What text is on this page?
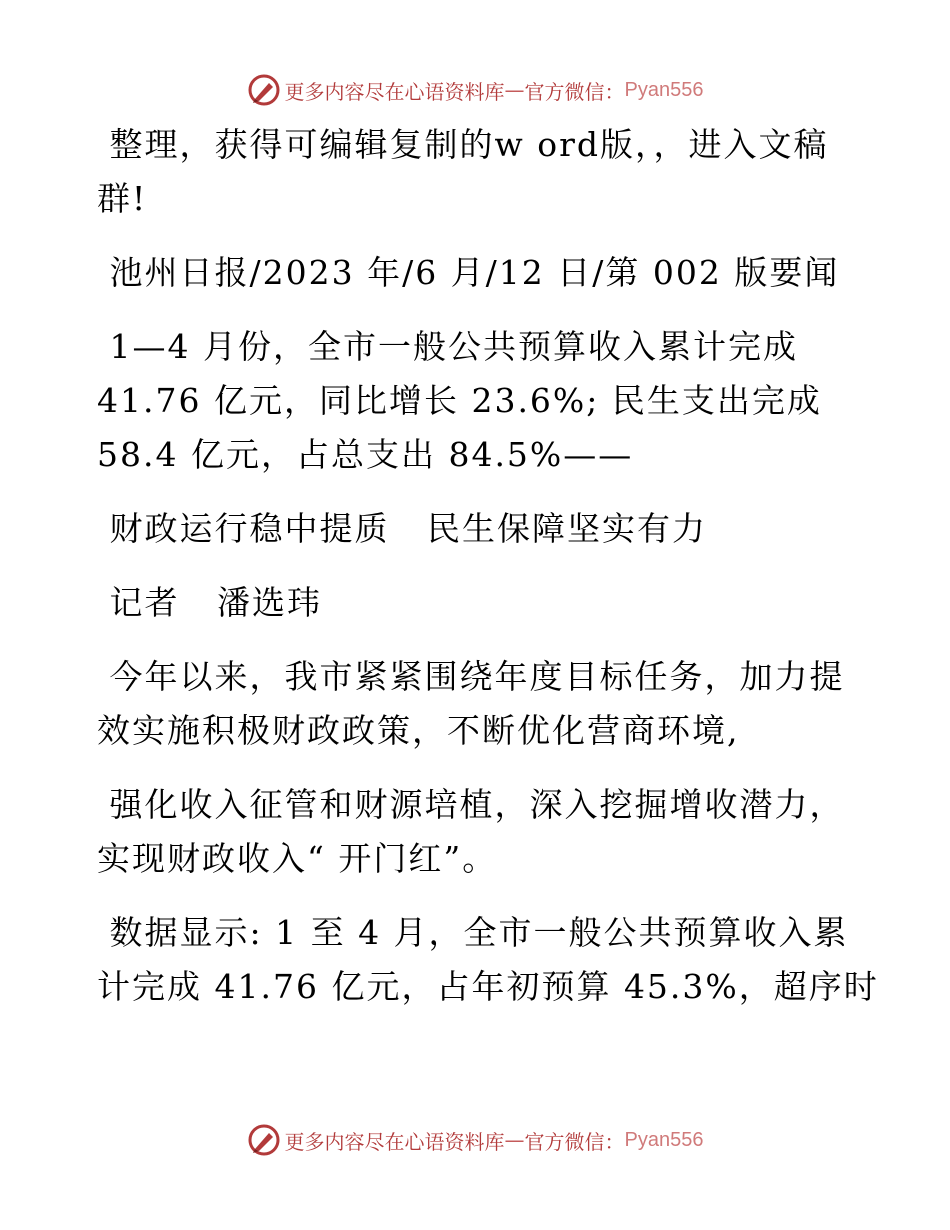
更多内容尽在心语资料库 — 官方微信： Pyan556
整理，获得可编辑复制的w ord版，，进入文稿
群!
池州日报/2023 年/6 月/12 日/第 002 版要闻
1—4 月份，全市一般公共预算收入累计完成
41.76 亿元，同比增长 23.6%; 民生支出完成
58.4 亿元，占总支出 84.5%——
财政运行稳中提质   民生保障坚实有力
记者   潘选玮
今年以来，我市紧紧围绕年度目标任务，加力提
效实施积极财政政策，不断优化营商环境,
强化收入征管和财源培植，深入挖掘增收潜力，
实现财政收入“ 开门红”。
数据显示: 1 至 4 月，全市一般公共预算收入累
计完成 41.76 亿元，占年初预算 45.3%，超序时
更多内容尽在心语资料库 — 官方微信： Pyan556
